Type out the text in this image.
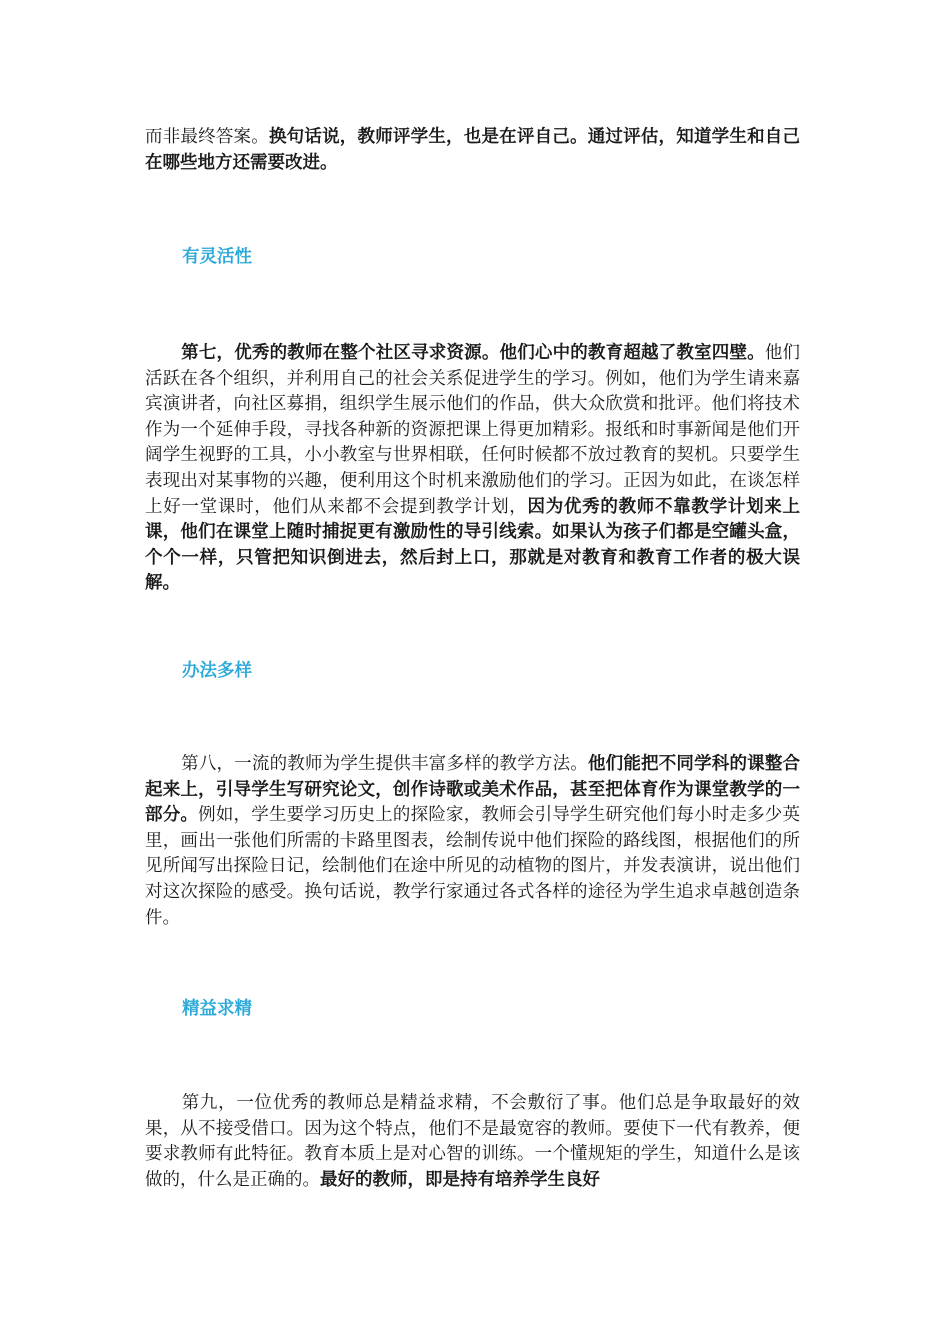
而非最终答案。换句话说，教师评学生，也是在评自己。通过评估，知道学生和自己在哪些地方还需要改进。

有灵活性

第七，优秀的教师在整个社区寻求资源。他们心中的教育超越了教室四壁。他们活跃在各个组织，并利用自己的社会关系促进学生的学习。例如，他们为学生请来嘉宾演讲者，向社区募捐，组织学生展示他们的作品，供大众欣赏和批评。他们将技术作为一个延伸手段，寻找各种新的资源把课上得更加精彩。报纸和时事新闻是他们开阔学生视野的工具，小小教室与世界相联，任何时候都不放过教育的契机。只要学生表现出对某事物的兴趣，便利用这个时机来激励他们的学习。正因为如此，在谈怎样上好一堂课时，他们从来都不会提到教学计划，因为优秀的教师不靠教学计划来上课，他们在课堂上随时捕捉更有激励性的导引线索。如果认为孩子们都是空罐头盒，个个一样，只管把知识倒进去，然后封上口，那就是对教育和教育工作者的极大误解。

办法多样

第八，一流的教师为学生提供丰富多样的教学方法。他们能把不同学科的课整合起来上，引导学生写研究论文，创作诗歌或美术作品，甚至把体育作为课堂教学的一部分。例如，学生要学习历史上的探险家，教师会引导学生研究他们每小时走多少英里，画出一张他们所需的卡路里图表，绘制传说中他们探险的路线图，根据他们的所见所闻写出探险日记，绘制他们在途中所见的动植物的图片，并发表演讲，说出他们对这次探险的感受。换句话说，教学行家通过各式各样的途径为学生追求卓越创造条件。

精益求精

第九，一位优秀的教师总是精益求精，不会敷衍了事。他们总是争取最好的效果，从不接受借口。因为这个特点，他们不是最宽容的教师。要使下一代有教养，便要求教师有此特征。教育本质上是对心智的训练。一个懂规矩的学生，知道什么是该做的，什么是正确的。最好的教师，即是持有培养学生良好
